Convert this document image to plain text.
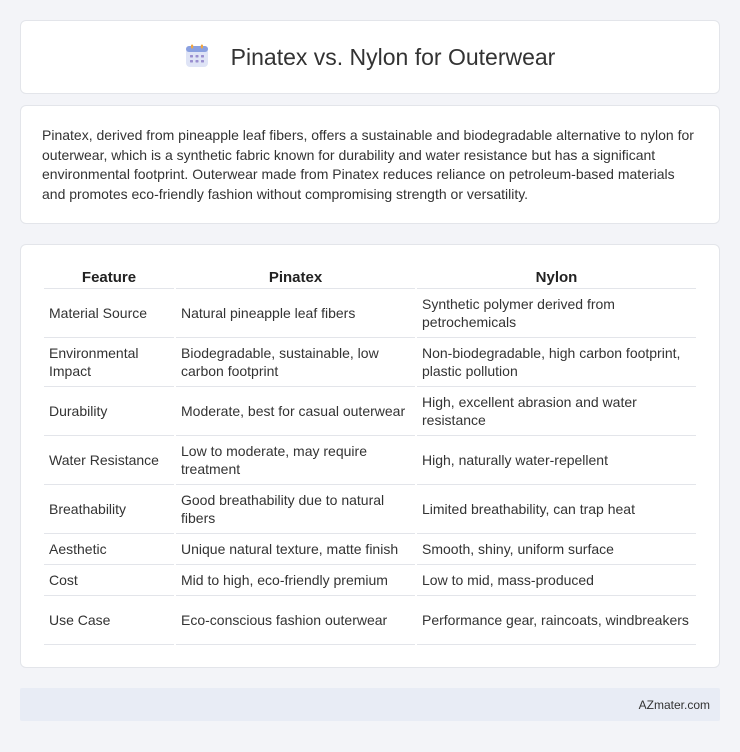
Pinatex vs. Nylon for Outerwear

Pinatex, derived from pineapple leaf fibers, offers a sustainable and biodegradable alternative to nylon for outerwear, which is a synthetic fabric known for durability and water resistance but has a significant environmental footprint. Outerwear made from Pinatex reduces reliance on petroleum-based materials and promotes eco-friendly fashion without compromising strength or versatility.

Feature	Pinatex	Nylon
Material Source	Natural pineapple leaf fibers	Synthetic polymer derived from petrochemicals
Environmental Impact	Biodegradable, sustainable, low carbon footprint	Non-biodegradable, high carbon footprint, plastic pollution
Durability	Moderate, best for casual outerwear	High, excellent abrasion and water resistance
Water Resistance	Low to moderate, may require treatment	High, naturally water-repellent
Breathability	Good breathability due to natural fibers	Limited breathability, can trap heat
Aesthetic	Unique natural texture, matte finish	Smooth, shiny, uniform surface
Cost	Mid to high, eco-friendly premium	Low to mid, mass-produced
Use Case	Eco-conscious fashion outerwear	Performance gear, raincoats, windbreakers
AZmater.com
